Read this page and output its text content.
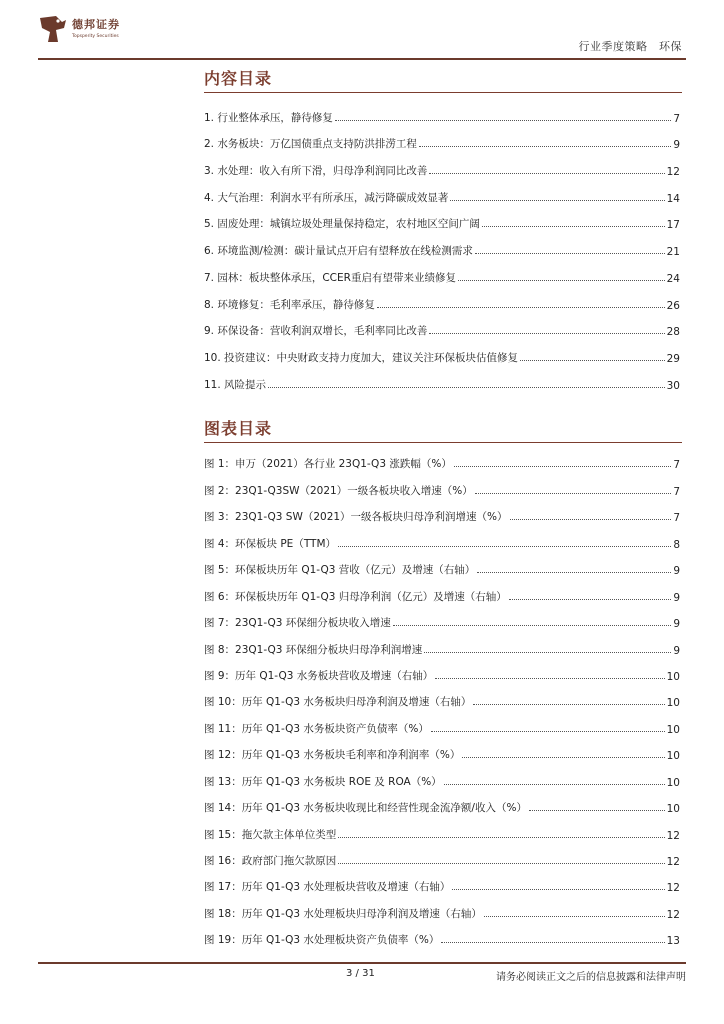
德邦证券
Topsperity Securities
行业季度策略　环保
内容目录
1. 行业整体承压，静待修复	7
2. 水务板块：万亿国债重点支持防洪排涝工程	9
3. 水处理：收入有所下滑，归母净利润同比改善	12
4. 大气治理：利润水平有所承压，减污降碳成效显著	14
5. 固废处理：城镇垃圾处理量保持稳定，农村地区空间广阔	17
6. 环境监测/检测：碳计量试点开启有望释放在线检测需求	21
7. 园林：板块整体承压，CCER重启有望带来业绩修复	24
8. 环境修复：毛利率承压，静待修复	26
9. 环保设备：营收利润双增长，毛利率同比改善	28
10. 投资建议：中央财政支持力度加大，建议关注环保板块估值修复	29
11. 风险提示	30
图表目录
图 1：申万（2021）各行业 23Q1-Q3 涨跌幅（%）	7
图 2：23Q1-Q3SW（2021）一级各板块收入增速（%）	7
图 3：23Q1-Q3 SW（2021）一级各板块归母净利润增速（%）	7
图 4：环保板块 PE（TTM）	8
图 5：环保板块历年 Q1-Q3 营收（亿元）及增速（右轴）	9
图 6：环保板块历年 Q1-Q3 归母净利润（亿元）及增速（右轴）	9
图 7：23Q1-Q3 环保细分板块收入增速	9
图 8：23Q1-Q3 环保细分板块归母净利润增速	9
图 9：历年 Q1-Q3 水务板块营收及增速（右轴）	10
图 10：历年 Q1-Q3 水务板块归母净利润及增速（右轴）	10
图 11：历年 Q1-Q3 水务板块资产负债率（%）	10
图 12：历年 Q1-Q3 水务板块毛利率和净利润率（%）	10
图 13：历年 Q1-Q3 水务板块 ROE 及 ROA（%）	10
图 14：历年 Q1-Q3 水务板块收现比和经营性现金流净额/收入（%）	10
图 15：拖欠款主体单位类型	12
图 16：政府部门拖欠款原因	12
图 17：历年 Q1-Q3 水处理板块营收及增速（右轴）	12
图 18：历年 Q1-Q3 水处理板块归母净利润及增速（右轴）	12
图 19：历年 Q1-Q3 水处理板块资产负债率（%）	13
3 / 31	请务必阅读正文之后的信息披露和法律声明
